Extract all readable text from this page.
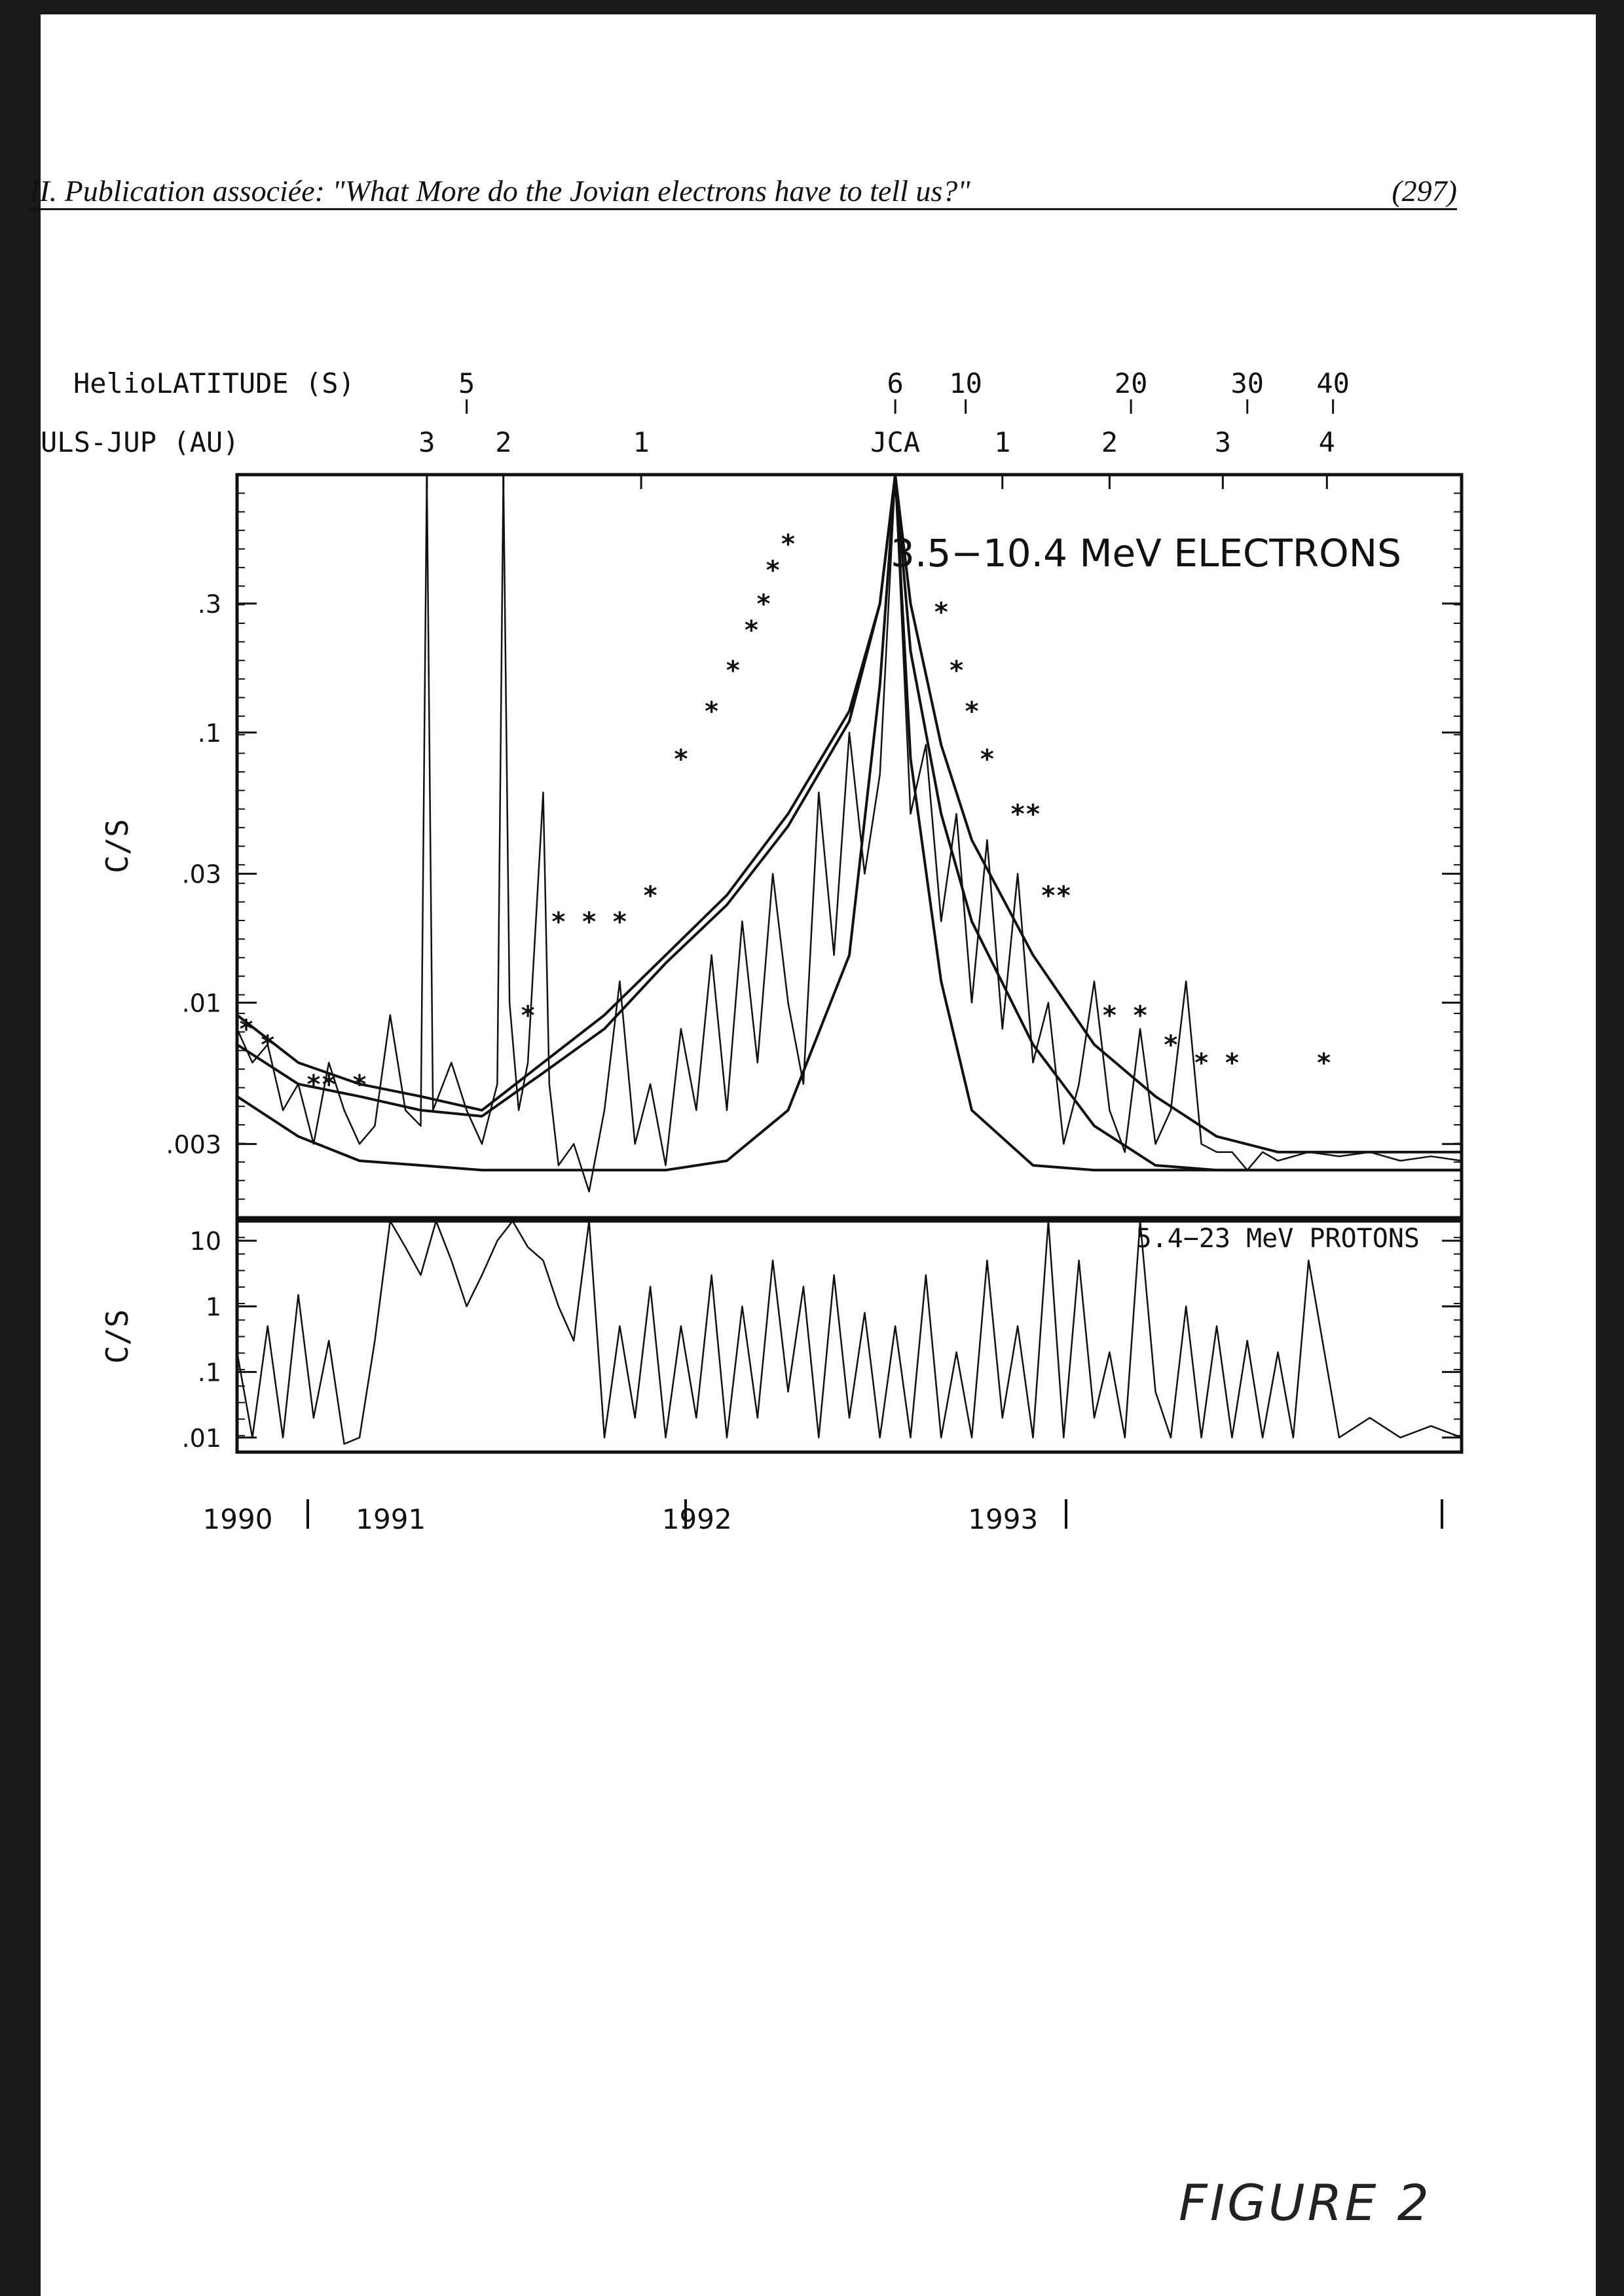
II. Publication associée: "What More do the Jovian electrons have to tell us?"	(297)
3.5−10.4 MeV ELECTRONS
C/S
.3
.1
.03
.01
.003
*
*
* * *
*
* * *
*
*
*
*
*
*
*
*
*
*
*
*
* *
* *
* *
*
* *	*
5.4−23 MeV PROTONS
C/S
10
1
.1
.01
1990	1991	1992	1993
HelioLATITUDE (S)
ULS-JUP (AU)
5	6 10	20	30 40
3 2	1	JCA	1	2	3	4
FIGURE 2
